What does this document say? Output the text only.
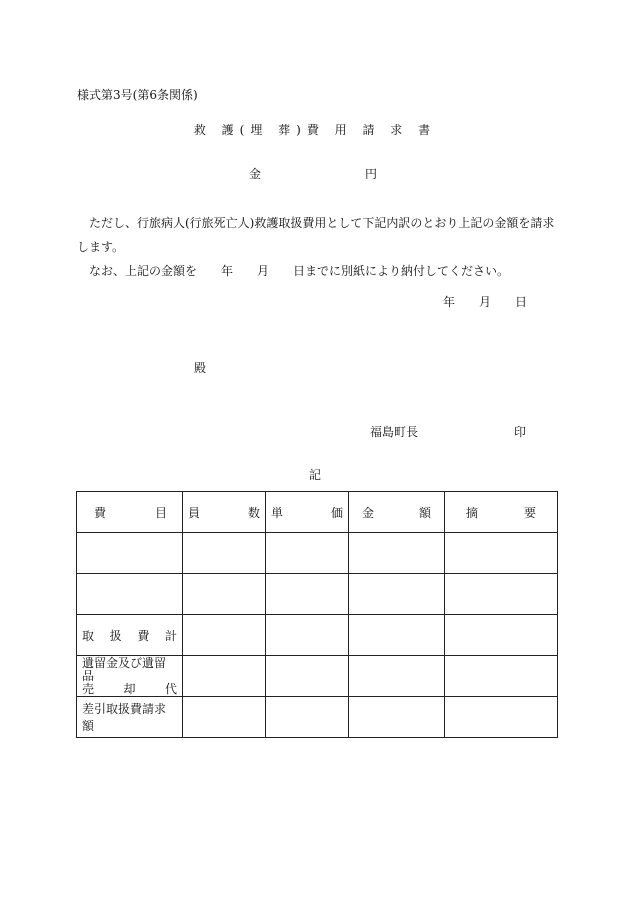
様式第3号(第6条関係)
救 護(埋 葬)費 用 請 求 書
金	円

ただし、行旅病人(行旅死亡人)救護取扱費用として下記内訳のとおり上記の金額を請求します。

なお、上記の金額を　　年　　月　　日までに別紙により納付してください。

年 月 日
殿
福島町長	印
記
費 目	員 数	単 価	金 額	摘 要

取 扱 費 計				

遺留金及び遺留品
売 却 代				

差引取扱費請求額				
